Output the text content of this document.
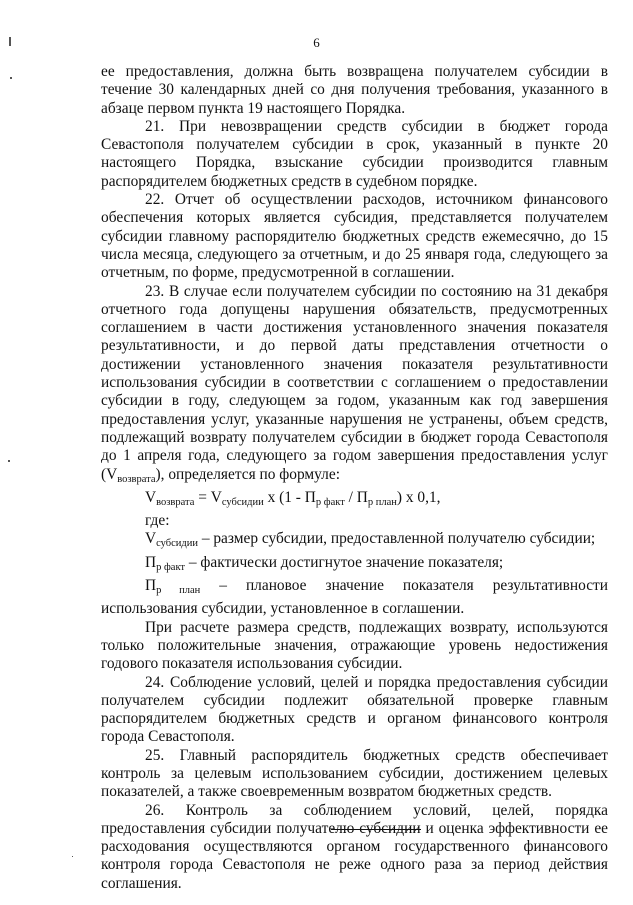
6

ее предоставления, должна быть возвращена получателем субсидии в течение 30 календарных дней со дня получения требования, указанного в абзаце первом пункта 19 настоящего Порядка.

21. При невозвращении средств субсидии в бюджет города Севастополя получателем субсидии в срок, указанный в пункте 20 настоящего Порядка, взыскание субсидии производится главным распорядителем бюджетных средств в судебном порядке.

22. Отчет об осуществлении расходов, источником финансового обеспечения которых является субсидия, представляется получателем субсидии главному распорядителю бюджетных средств ежемесячно, до 15 числа месяца, следующего за отчетным, и до 25 января года, следующего за отчетным, по форме, предусмотренной в соглашении.

23. В случае если получателем субсидии по состоянию на 31 декабря отчетного года допущены нарушения обязательств, предусмотренных соглашением в части достижения установленного значения показателя результативности, и до первой даты представления отчетности о достижении установленного значения показателя результативности использования субсидии в соответствии с соглашением о предоставлении субсидии в году, следующем за годом, указанным как год завершения предоставления услуг, указанные нарушения не устранены, объем средств, подлежащий возврату получателем субсидии в бюджет города Севастополя до 1 апреля года, следующего за годом завершения предоставления услуг $(V_{возврата})$, определяется по формуле:

$V_{возврата} = V_{субсидии}$ x $(1 - П_{р факт} / П_{р план})$ x 0,1,
где:

$V_{субсидии}$ – размер субсидии, предоставленной получателю субсидии;

$П_{р факт}$ – фактически достигнутое значение показателя;

$П_{р план}$ – плановое значение показателя результативности использования субсидии, установленное в соглашении.

При расчете размера средств, подлежащих возврату, используются только положительные значения, отражающие уровень недостижения годового показателя использования субсидии.

24. Соблюдение условий, целей и порядка предоставления субсидии получателем субсидии подлежит обязательной проверке главным распорядителем бюджетных средств и органом финансового контроля города Севастополя.

25. Главный распорядитель бюджетных средств обеспечивает контроль за целевым использованием субсидии, достижением целевых показателей, а также своевременным возвратом бюджетных средств.

26. Контроль за соблюдением условий, целей, порядка предоставления субсидии получателю субсидии и оценка эффективности ее расходования осуществляются органом государственного финансового контроля города Севастополя не реже одного раза за период действия соглашения.
